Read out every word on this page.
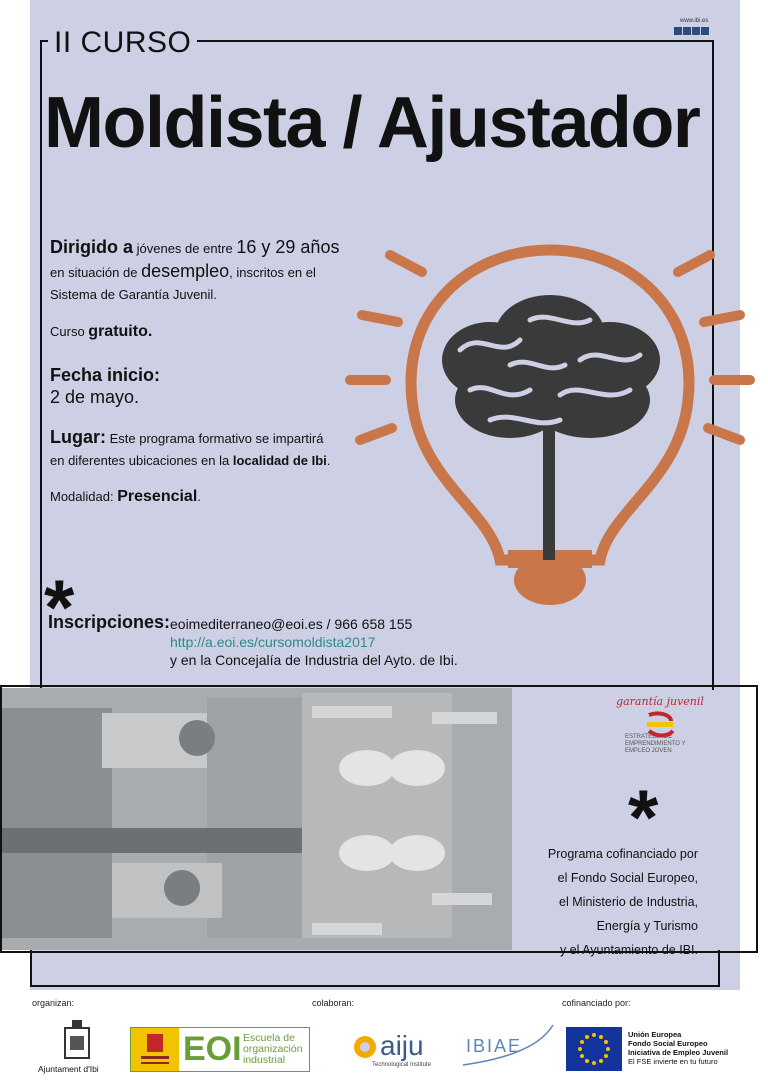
II CURSO
Moldista / Ajustador
www.ibi.es
Dirigido a jóvenes de entre 16 y 29 años
en situación de desempleo, inscritos en el
Sistema de Garantía Juvenil.
Curso gratuito.
Fecha inicio:
2 de mayo.
Lugar: Este programa formativo se impartirá
en diferentes ubicaciones en la localidad de Ibi.
Modalidad: Presencial.
*
Inscripciones: eoimediterraneo@eoi.es / 966 658 155
http://a.eoi.es/cursomoldista2017
y en la Concejalía de Industria del Ayto. de Ibi.
garantía juvenil
ESTRATEGIA DE
EMPRENDIMIENTO Y
EMPLEO JOVEN
*
Programa cofinanciado por
el Fondo Social Europeo,
el Ministerio de Industria,
Energía y Turismo
y el Ayuntamiento de IBI.
organizan:	colaboran:	cofinanciado por:
Ajuntament d'Ibi
EOI Escuela de
organización
industrial	aiju
Technological Institute
IBIAE
Unión Europea
Fondo Social Europeo
Iniciativa de Empleo Juvenil
El FSE invierte en tu futuro
